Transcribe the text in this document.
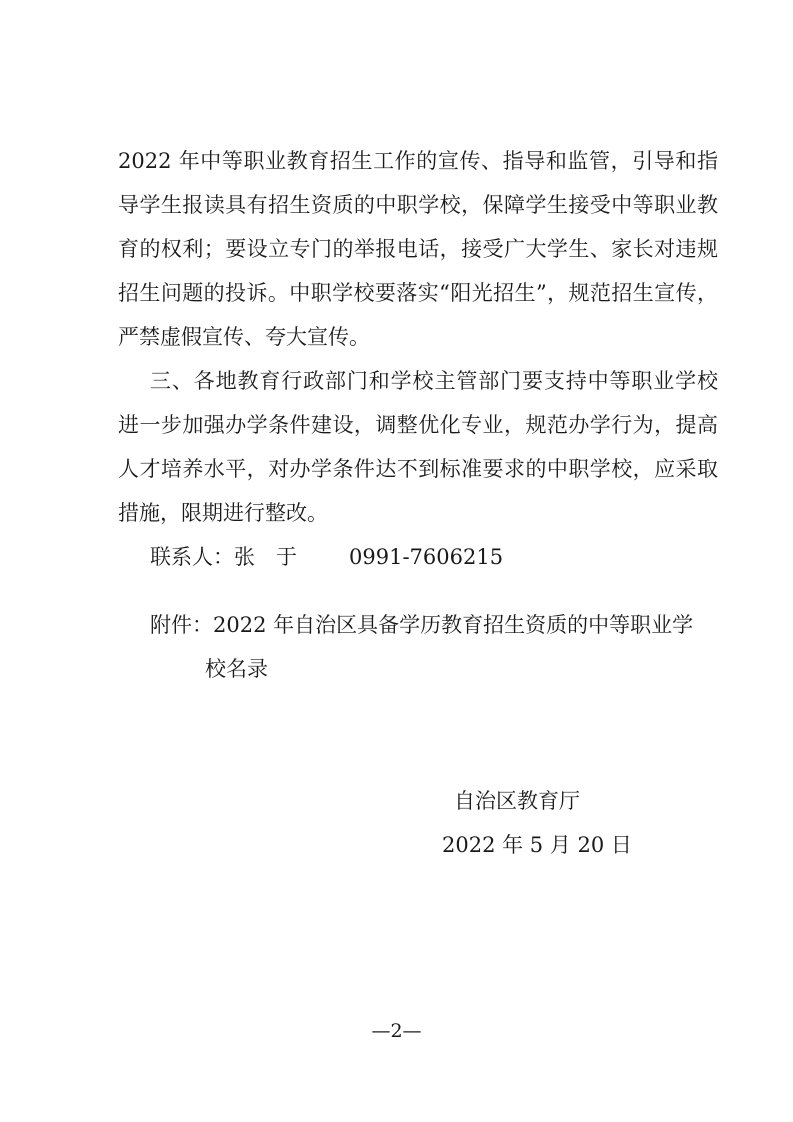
2022 年中等职业教育招生工作的宣传、指导和监管，引导和指
导学生报读具有招生资质的中职学校，保障学生接受中等职业教
育的权利；要设立专门的举报电话，接受广大学生、家长对违规
招生问题的投诉。中职学校要落实“阳光招生”，规范招生宣传，
严禁虚假宣传、夸大宣传。
三、各地教育行政部门和学校主管部门要支持中等职业学校
进一步加强办学条件建设，调整优化专业，规范办学行为，提高
人才培养水平，对办学条件达不到标准要求的中职学校，应采取
措施，限期进行整改。
联系人：张　于 0991-7606215
附件：2022 年自治区具备学历教育招生资质的中等职业学
校名录
自治区教育厅
2022 年 5 月 20 日
—2—
